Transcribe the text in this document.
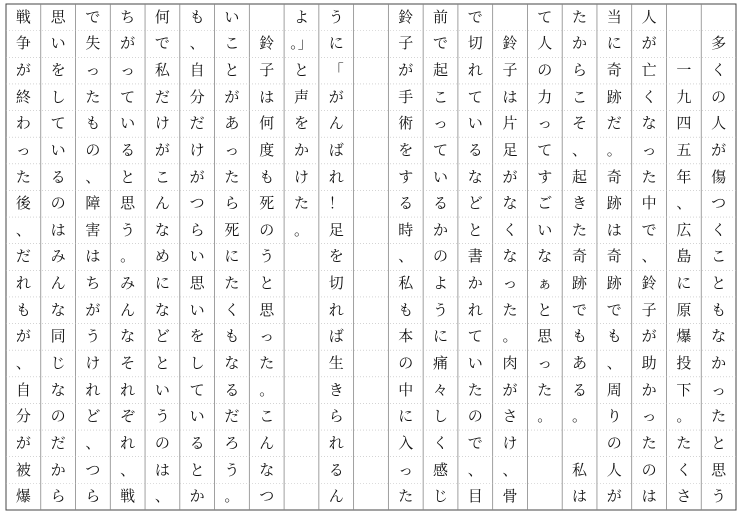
多
く
の
人
が
傷
つ
く
こ
と
も
な
か
っ
た
と
思
う
一
九
四
五
年
、
広
島
に
原
爆
投
下
。
た
く
さ
人
が
亡
く
な
っ
た
中
で
、
鈴
子
が
助
か
っ
た
の
は
当
に
奇
跡
だ
。
奇
跡
は
奇
跡
で
も
、
周
り
の
人
が
た
か
ら
こ
そ
、
起
き
た
奇
跡
で
も
あ
る
。
私
は
て
人
の
力
っ
て
す
ご
い
な
ぁ
と
思
っ
た
。
鈴
子
は
片
足
が
な
く
な
っ
た
。
肉
が
さ
け
、
骨
で
切
れ
て
い
る
な
ど
と
書
か
れ
て
い
た
の
で
、
目
前
で
起
こ
っ
て
い
る
か
の
よ
う
に
痛
々
し
く
感
じ
鈴
子
が
手
術
を
す
る
時
、
私
も
本
の
中
に
入
っ
た
う
に
「
が
ん
ば
れ
！
足
を
切
れ
ば
生
き
ら
れ
る
ん
よ
。」
と
声
を
か
け
た
。
鈴
子
は
何
度
も
死
の
う
と
思
っ
た
。
こ
ん
な
つ
い
こ
と
が
あ
っ
た
ら
死
に
た
く
も
な
る
だ
ろ
う
。
も
、
自
分
だ
け
が
つ
ら
い
思
い
を
し
て
い
る
と
か
何
で
私
だ
け
が
こ
ん
な
め
に
な
ど
と
い
う
の
は
、
ち
が
っ
て
い
る
と
思
う
。
み
ん
な
そ
れ
ぞ
れ
、
戦
で
失
っ
た
も
の
、
障
害
は
ち
が
う
け
れ
ど
、
つ
ら
思
い
を
し
て
い
る
の
は
み
ん
な
同
じ
な
の
だ
か
ら
戦
争
が
終
わ
っ
た
後
、
だ
れ
も
が
、
自
分
が
被
爆
